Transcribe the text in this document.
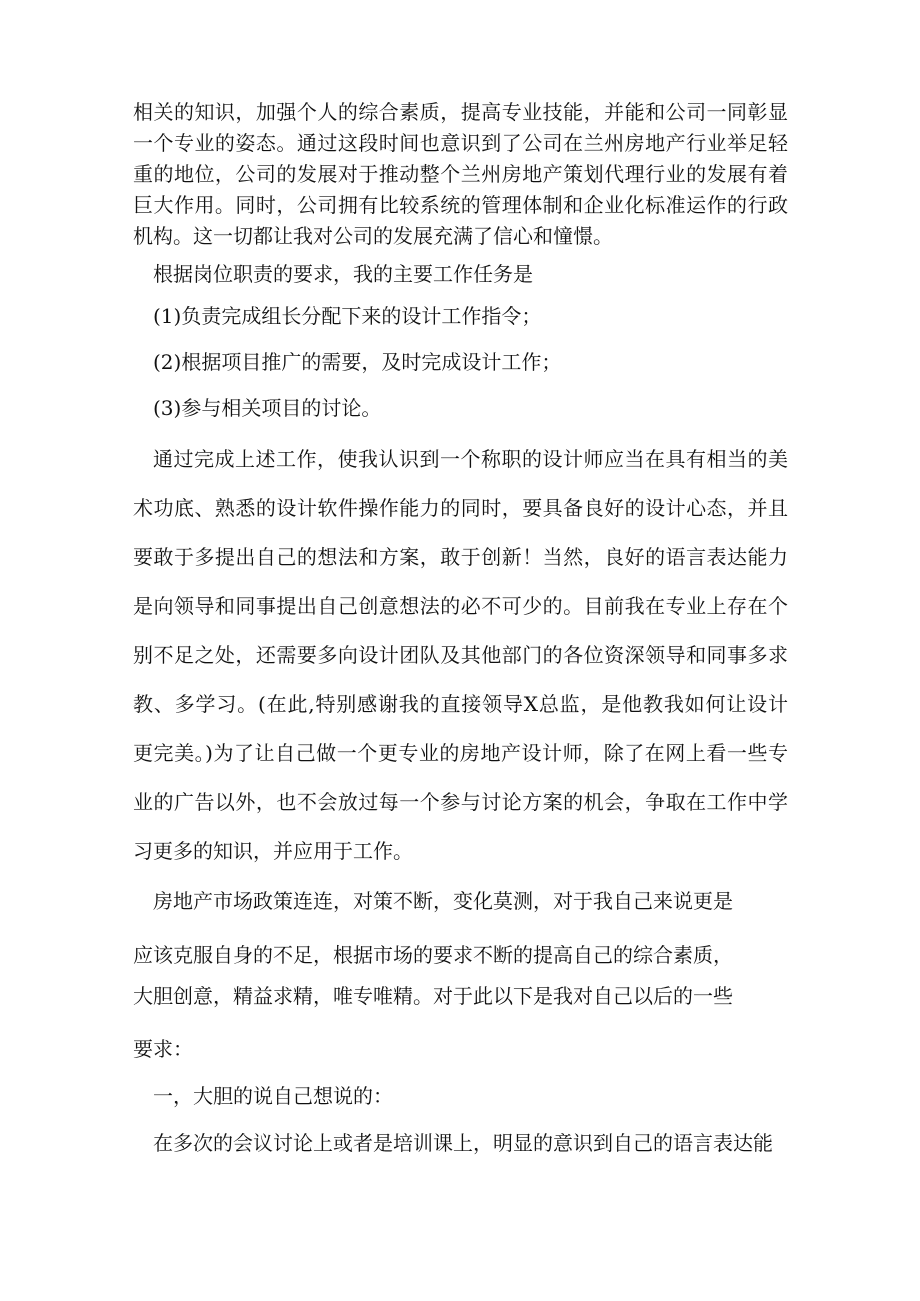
相关的知识，加强个人的综合素质，提高专业技能，并能和公司一同彰显

一个专业的姿态。通过这段时间也意识到了公司在兰州房地产行业举足轻

重的地位，公司的发展对于推动整个兰州房地产策划代理行业的发展有着

巨大作用。同时，公司拥有比较系统的管理体制和企业化标准运作的行政

机构。这一切都让我对公司的发展充满了信心和憧憬。

根据岗位职责的要求，我的主要工作任务是

(1)负责完成组长分配下来的设计工作指令；

(2)根据项目推广的需要，及时完成设计工作；

(3)参与相关项目的讨论。

通过完成上述工作，使我认识到一个称职的设计师应当在具有相当的美

术功底、熟悉的设计软件操作能力的同时，要具备良好的设计心态，并且

要敢于多提出自己的想法和方案，敢于创新！当然，良好的语言表达能力

是向领导和同事提出自己创意想法的必不可少的。目前我在专业上存在个

别不足之处，还需要多向设计团队及其他部门的各位资深领导和同事多求

教、多学习。(在此,特别感谢我的直接领导X总监，是他教我如何让设计

更完美。)为了让自己做一个更专业的房地产设计师，除了在网上看一些专

业的广告以外，也不会放过每一个参与讨论方案的机会，争取在工作中学

习更多的知识，并应用于工作。

房地产市场政策连连，对策不断，变化莫测，对于我自己来说更是

应该克服自身的不足，根据市场的要求不断的提高自己的综合素质，

大胆创意，精益求精，唯专唯精。对于此以下是我对自己以后的一些

要求：

一，大胆的说自己想说的：

在多次的会议讨论上或者是培训课上，明显的意识到自己的语言表达能
